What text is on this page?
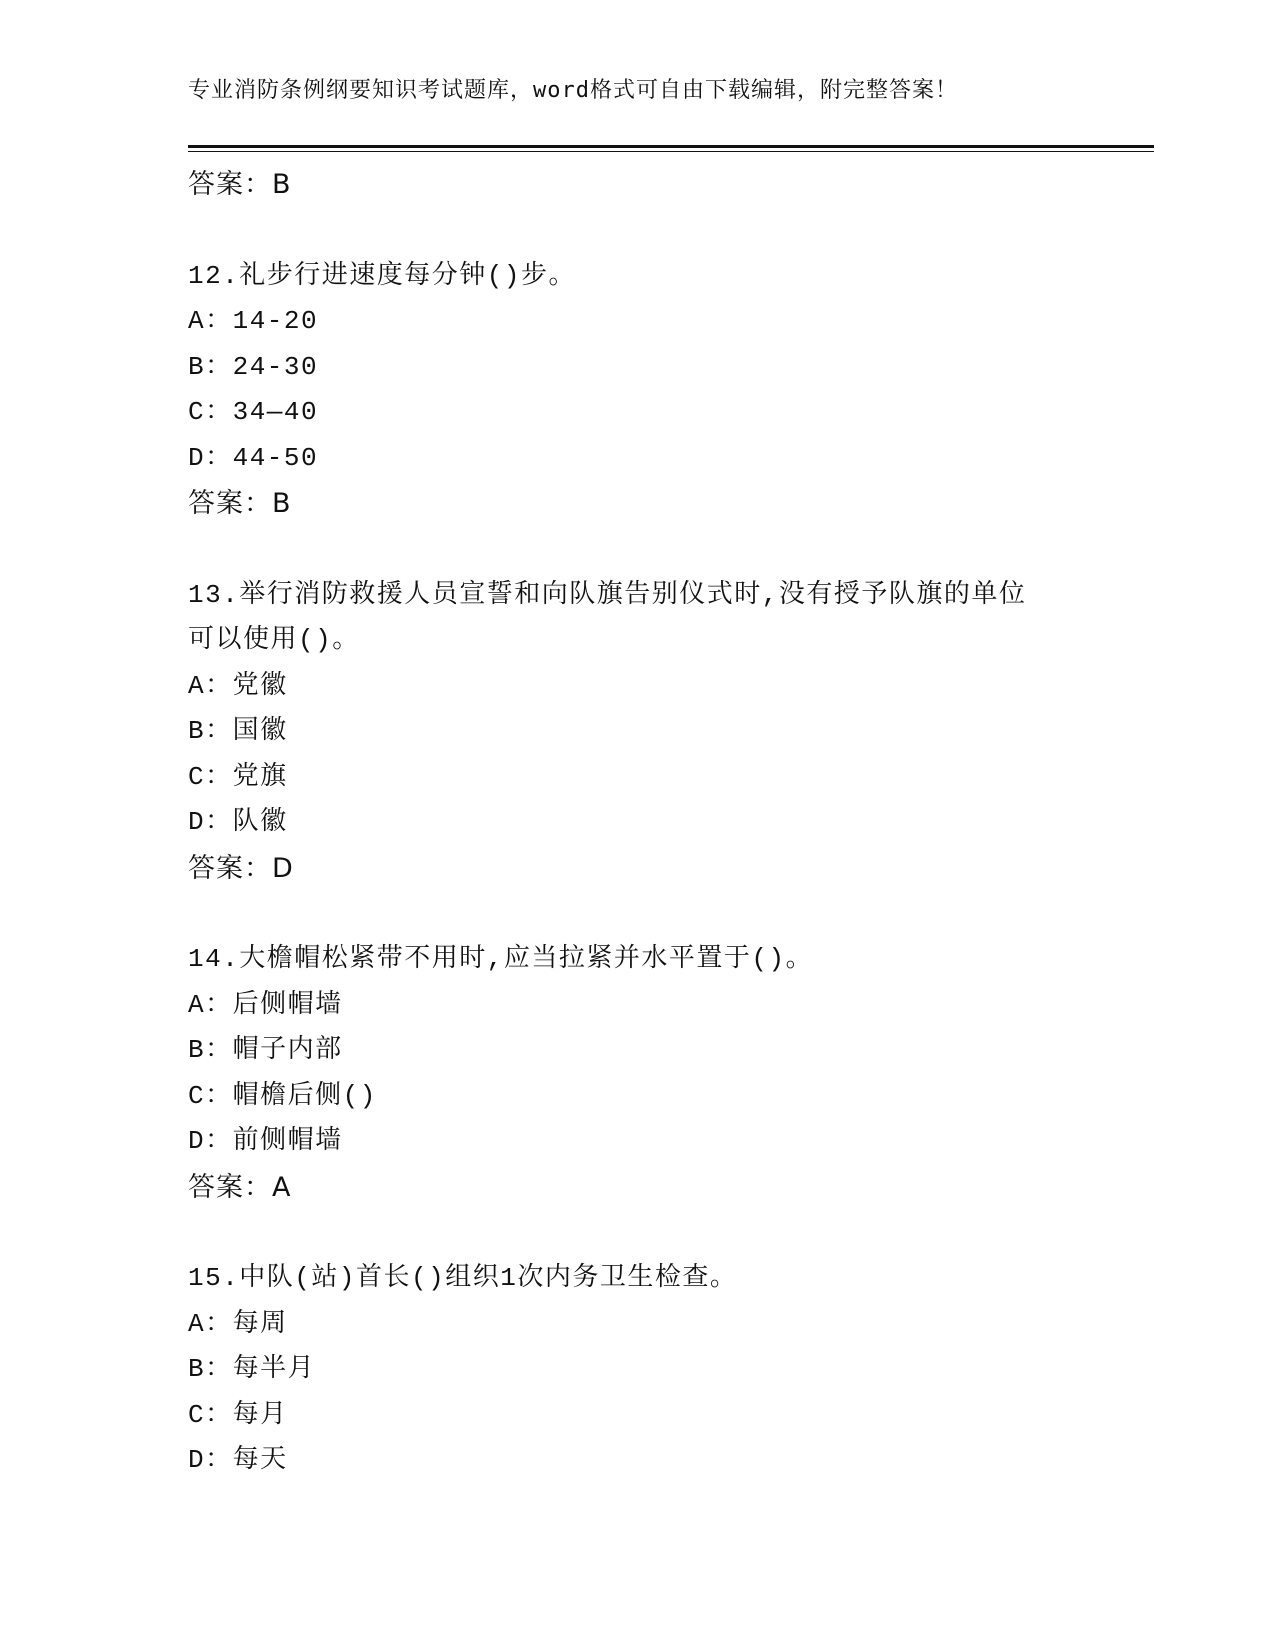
专业消防条例纲要知识考试题库，word格式可自由下载编辑，附完整答案！
答案：B
12.礼步行进速度每分钟()步。
A：14-20
B：24-30
C：34—40
D：44-50
答案：B
13.举行消防救援人员宣誓和向队旗告别仪式时,没有授予队旗的单位
可以使用()。
A：党徽
B：国徽
C：党旗
D：队徽
答案：D
14.大檐帽松紧带不用时,应当拉紧并水平置于()。
A：后侧帽墙
B：帽子内部
C：帽檐后侧()
D：前侧帽墙
答案：A
15.中队(站)首长()组织1次内务卫生检查。
A：每周
B：每半月
C：每月
D：每天
